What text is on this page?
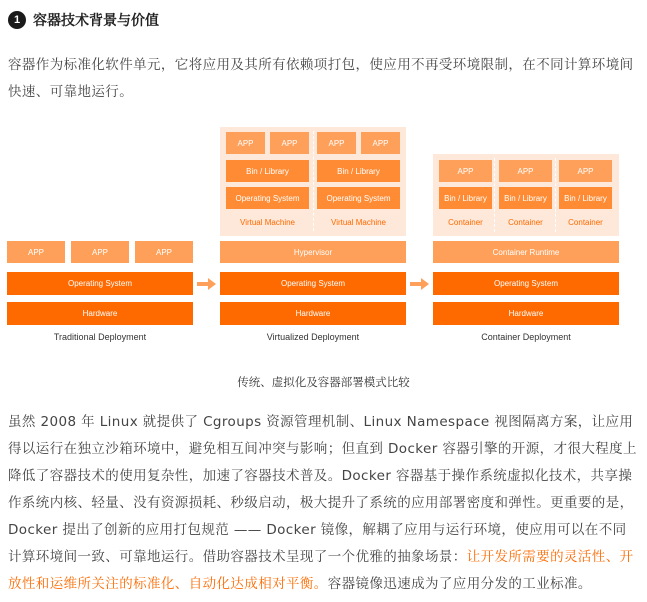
1 容器技术背景与价值

容器作为标准化软件单元，它将应用及其所有依赖项打包，使应用不再受环境限制，在不同计算环境间快速、可靠地运行。

APP	APP	APP
Operating System
Hardware
Traditional Deployment
APP	APP	APP	APP
Bin / Library	Bin / Library
Operating System	Operating System
Virtual Machine	Virtual Machine
Hypervisor
Operating System
Hardware
Virtualized Deployment
APP	APP	APP
Bin / Library	Bin / Library	Bin / Library
Container	Container	Container
Container Runtime
Operating System
Hardware
Container Deployment
传统、虚拟化及容器部署模式比较

虽然 2008 年 Linux 就提供了 Cgroups 资源管理机制、Linux Namespace 视图隔离方案，让应用得以运行在独立沙箱环境中，避免相互间冲突与影响；但直到 Docker 容器引擎的开源，才很大程度上降低了容器技术的使用复杂性，加速了容器技术普及。Docker 容器基于操作系统虚拟化技术，共享操作系统内核、轻量、没有资源损耗、秒级启动，极大提升了系统的应用部署密度和弹性。更重要的是，Docker 提出了创新的应用打包规范 —— Docker 镜像，解耦了应用与运行环境，使应用可以在不同计算环境间一致、可靠地运行。借助容器技术呈现了一个优雅的抽象场景：让开发所需要的灵活性、开放性和运维所关注的标准化、自动化达成相对平衡。容器镜像迅速成为了应用分发的工业标准。
